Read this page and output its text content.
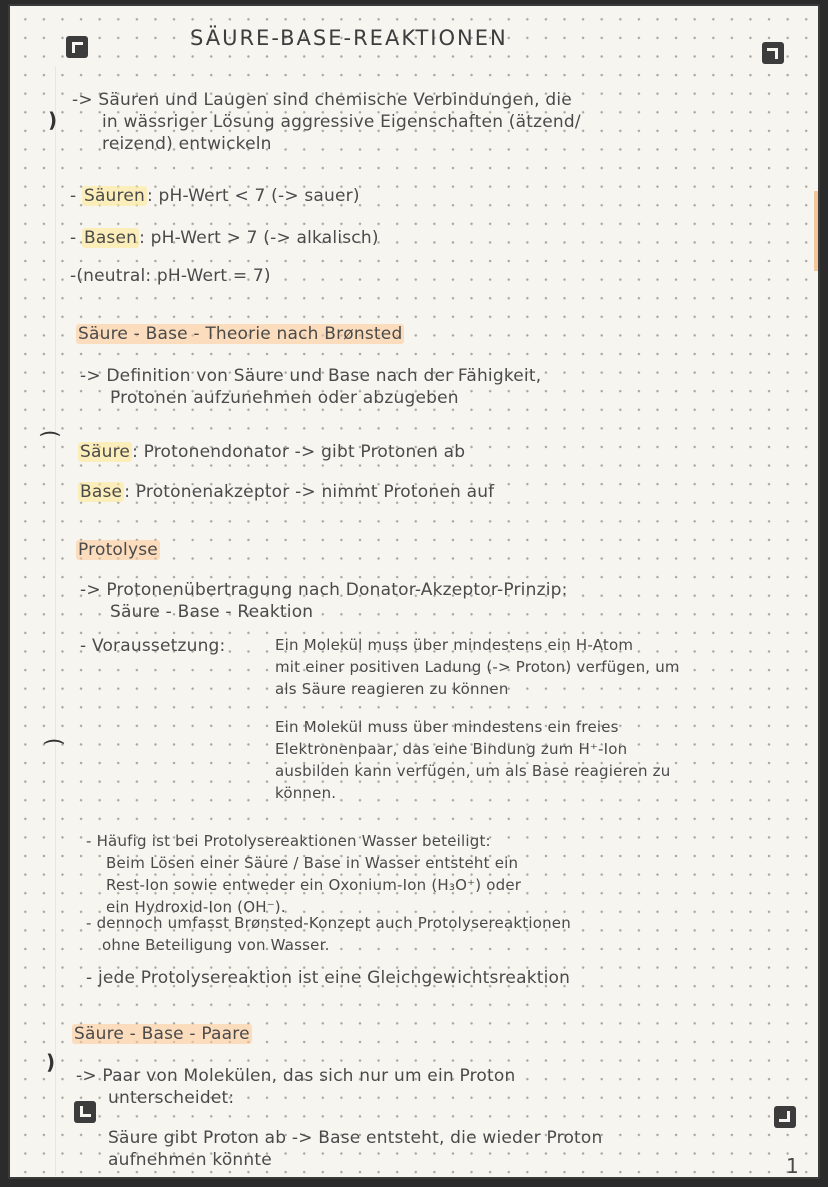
SÄURE-BASE-REAKTIONEN
)
-> Säuren und Laugen sind chemische Verbindungen, die
in wässriger Lösung aggressive Eigenschaften (ätzend/
reizend) entwickeln
- Säuren : pH-Wert < 7 (-> sauer)
- Basen : pH-Wert > 7 (-> alkalisch)
-(neutral: pH-Wert = 7)
Säure - Base - Theorie nach Brønsted
-> Definition von Säure und Base nach der Fähigkeit,
Protonen aufzunehmen oder abzugeben
⌒ Säure : Protonendonator -> gibt Protonen ab
Base : Protonenakzeptor -> nimmt Protonen auf
Protolyse
-> Protonenübertragung nach Donator-Akzeptor-Prinzip:
Säure - Base - Reaktion
- Voraussetzung:	Ein Molekül muss über mindestens ein H-Atom
mit einer positiven Ladung (-> Proton) verfügen, um
als Säure reagieren zu können
⌒
Ein Molekül muss über mindestens ein freies
Elektronenpaar, das eine Bindung zum H⁺-Ion
ausbilden kann verfügen, um als Base reagieren zu
können.
- Häufig ist bei Protolysereaktionen Wasser beteiligt:
Beim Lösen einer Säure / Base in Wasser entsteht ein
Rest-Ion sowie entweder ein Oxonium-Ion (H₃O⁺) oder
ein Hydroxid-Ion (OH⁻).
- dennoch umfasst Brønsted-Konzept auch Protolysereaktionen
ohne Beteiligung von Wasser.
- jede Protolysereaktion ist eine Gleichgewichtsreaktion
Säure - Base - Paare
)
-> Paar von Molekülen, das sich nur um ein Proton
unterscheidet:
Säure gibt Proton ab -> Base entsteht, die wieder Proton
aufnehmen könnte	1
